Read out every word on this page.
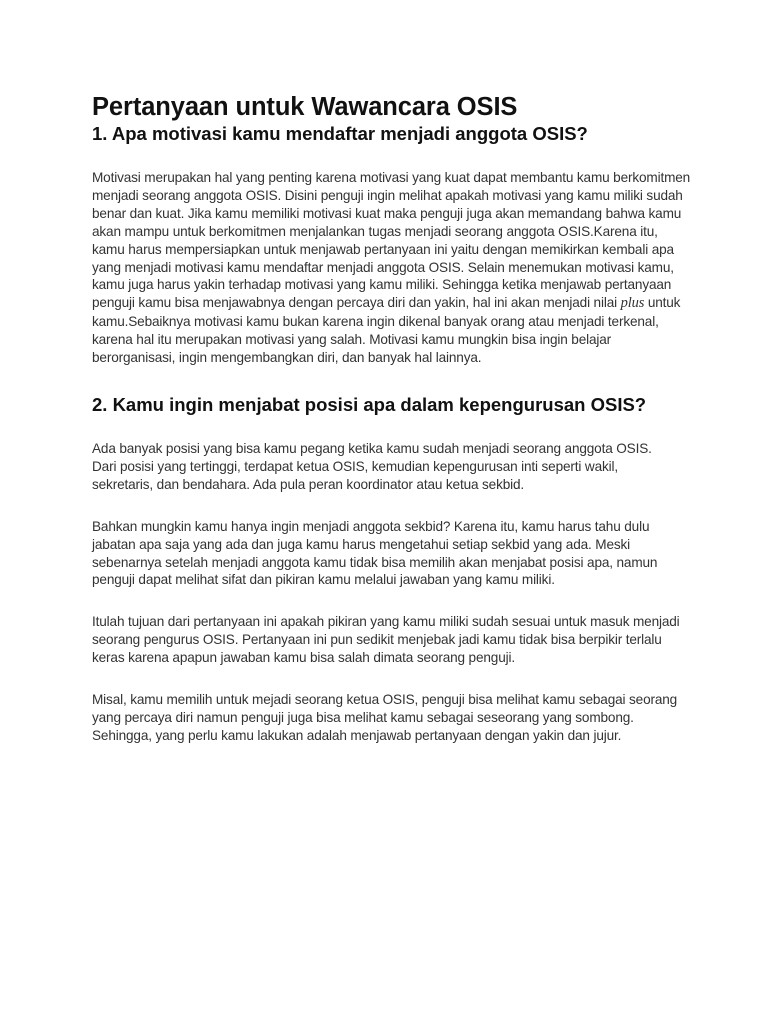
Pertanyaan untuk Wawancara OSIS
1. Apa motivasi kamu mendaftar menjadi anggota OSIS?

Motivasi merupakan hal yang penting karena motivasi yang kuat dapat membantu kamu berkomitmen menjadi seorang anggota OSIS. Disini penguji ingin melihat apakah motivasi yang kamu miliki sudah benar dan kuat. Jika kamu memiliki motivasi kuat maka penguji juga akan memandang bahwa kamu akan mampu untuk berkomitmen menjalankan tugas menjadi seorang anggota OSIS.Karena itu, kamu harus mempersiapkan untuk menjawab pertanyaan ini yaitu dengan memikirkan kembali apa yang menjadi motivasi kamu mendaftar menjadi anggota OSIS. Selain menemukan motivasi kamu, kamu juga harus yakin terhadap motivasi yang kamu miliki. Sehingga ketika menjawab pertanyaan penguji kamu bisa menjawabnya dengan percaya diri dan yakin, hal ini akan menjadi nilai plus untuk kamu.Sebaiknya motivasi kamu bukan karena ingin dikenal banyak orang atau menjadi terkenal, karena hal itu merupakan motivasi yang salah. Motivasi kamu mungkin bisa ingin belajar berorganisasi, ingin mengembangkan diri, dan banyak hal lainnya.

2. Kamu ingin menjabat posisi apa dalam kepengurusan OSIS?

Ada banyak posisi yang bisa kamu pegang ketika kamu sudah menjadi seorang anggota OSIS. Dari posisi yang tertinggi, terdapat ketua OSIS, kemudian kepengurusan inti seperti wakil, sekretaris, dan bendahara. Ada pula peran koordinator atau ketua sekbid.

Bahkan mungkin kamu hanya ingin menjadi anggota sekbid? Karena itu, kamu harus tahu dulu jabatan apa saja yang ada dan juga kamu harus mengetahui setiap sekbid yang ada. Meski sebenarnya setelah menjadi anggota kamu tidak bisa memilih akan menjabat posisi apa, namun penguji dapat melihat sifat dan pikiran kamu melalui jawaban yang kamu miliki.

Itulah tujuan dari pertanyaan ini apakah pikiran yang kamu miliki sudah sesuai untuk masuk menjadi seorang pengurus OSIS. Pertanyaan ini pun sedikit menjebak jadi kamu tidak bisa berpikir terlalu keras karena apapun jawaban kamu bisa salah dimata seorang penguji.

Misal, kamu memilih untuk mejadi seorang ketua OSIS, penguji bisa melihat kamu sebagai seorang yang percaya diri namun penguji juga bisa melihat kamu sebagai seseorang yang sombong. Sehingga, yang perlu kamu lakukan adalah menjawab pertanyaan dengan yakin dan jujur.
